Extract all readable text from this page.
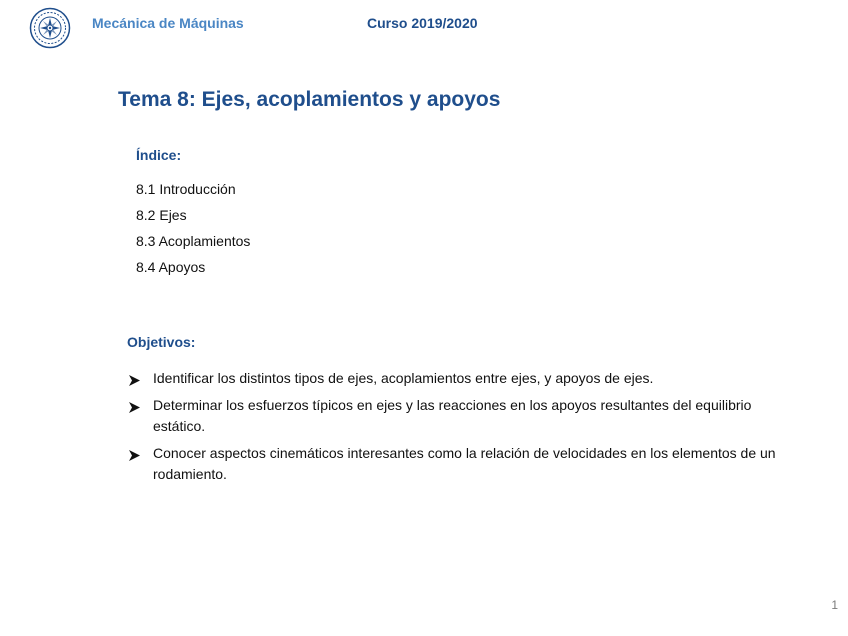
Mecánica de Máquinas	Curso 2019/2020
Tema 8: Ejes, acoplamientos y apoyos
Índice:
8.1 Introducción
8.2 Ejes
8.3 Acoplamientos
8.4 Apoyos
Objetivos:
Identificar los distintos tipos de ejes, acoplamientos entre ejes, y apoyos de ejes.
Determinar los esfuerzos típicos en ejes y las reacciones en los apoyos resultantes del equilibrio estático.
Conocer aspectos cinemáticos interesantes como la relación de velocidades en los elementos de un rodamiento.
1
